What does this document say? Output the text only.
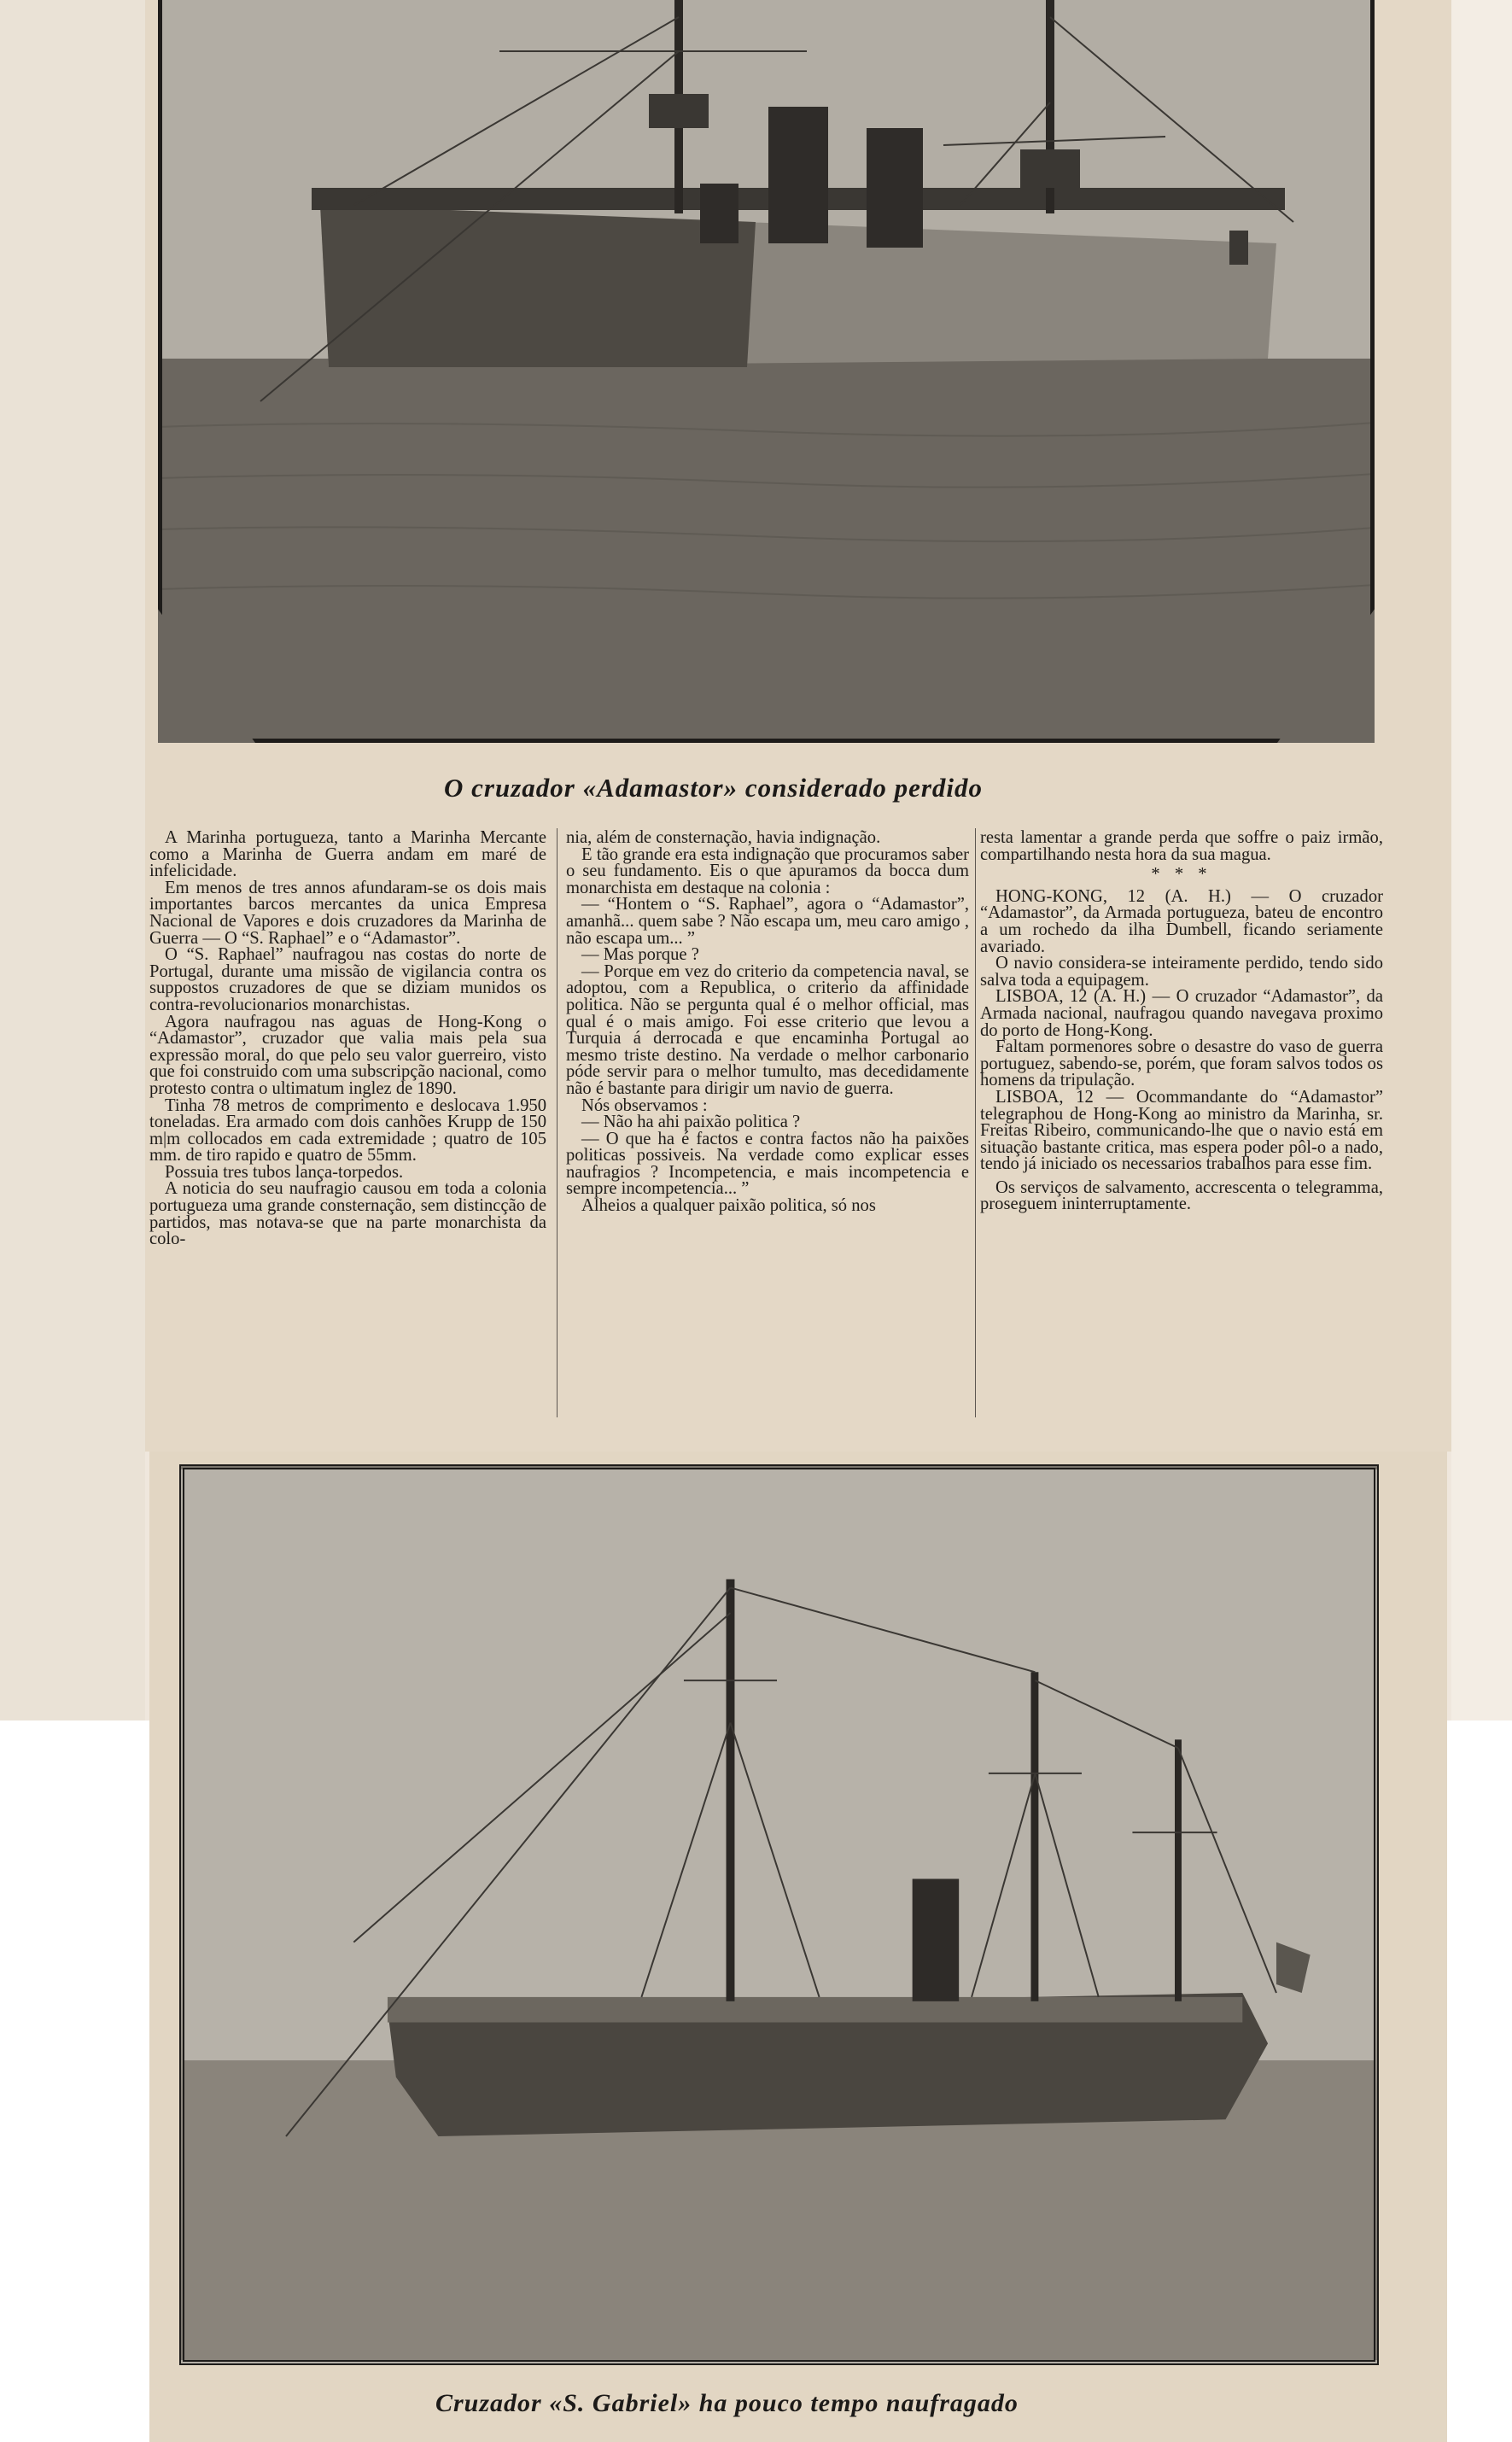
O cruzador «Adamastor» considerado perdido

A Marinha portugueza, tanto a Marinha Mercante como a Marinha de Guerra andam em maré de infelicidade.

Em menos de tres annos afundaram-se os dois mais importantes barcos mercantes da unica Empresa Nacional de Vapores e dois cruzadores da Marinha de Guerra — O “S. Raphael” e o “Adamastor”.

O “S. Raphael” naufragou nas costas do norte de Portugal, durante uma missão de vigilancia contra os suppostos cruzadores de que se diziam munidos os contra-revolucionarios monarchistas.

Agora naufragou nas aguas de Hong-Kong o “Adamastor”, cruzador que valia mais pela sua expressão moral, do que pelo seu valor guerreiro, visto que foi construido com uma subscripção nacional, como protesto contra o ultimatum inglez de 1890.

Tinha 78 metros de comprimento e deslocava 1.950 toneladas. Era armado com dois canhões Krupp de 150 m|m collocados em cada extremidade ; quatro de 105 mm. de tiro rapido e quatro de 55mm.

Possuia tres tubos lança-torpedos.

A noticia do seu naufragio causou em toda a colonia portugueza uma grande consternação, sem distincção de partidos, mas notava-se que na parte monarchista da colo-

nia, além de consternação, havia indignação.

E tão grande era esta indignação que procuramos saber o seu fundamento. Eis o que apuramos da bocca dum monarchista em destaque na colonia :

— “Hontem o “S. Raphael”, agora o “Adamastor”, amanhã... quem sabe ? Não escapa um, meu caro amigo , não escapa um... ”

— Mas porque ?

— Porque em vez do criterio da competencia naval, se adoptou, com a Republica, o criterio da affinidade politica. Não se pergunta qual é o melhor official, mas qual é o mais amigo. Foi esse criterio que levou a Turquia á derrocada e que encaminha Portugal ao mesmo triste destino. Na verdade o melhor carbonario póde servir para o melhor tumulto, mas decedidamente não é bastante para dirigir um navio de guerra.

Nós observamos :

— Não ha ahi paixão politica ?

— O que ha é factos e contra factos não ha paixões politicas possiveis. Na verdade como explicar esses naufragios ? Incompetencia, e mais incompetencia e sempre incompetencia... ”

Alheios a qualquer paixão politica, só nos

resta lamentar a grande perda que soffre o paiz irmão, compartilhando nesta hora da sua magua.

* * *

HONG-KONG, 12 (A. H.) — O cruzador “Adamastor”, da Armada portugueza, bateu de encontro a um rochedo da ilha Dumbell, ficando seriamente avariado.

O navio considera-se inteiramente perdido, tendo sido salva toda a equipagem.

LISBOA, 12 (A. H.) — O cruzador “Adamastor”, da Armada nacional, naufragou quando navegava proximo do porto de Hong-Kong.

Faltam pormenores sobre o desastre do vaso de guerra portuguez, sabendo-se, porém, que foram salvos todos os homens da tripulação.

LISBOA, 12 — Ocommandante do “Adamastor” telegraphou de Hong-Kong ao ministro da Marinha, sr. Freitas Ribeiro, communicando-lhe que o navio está em situação bastante critica, mas espera poder pôl-o a nado, tendo já iniciado os necessarios trabalhos para esse fim.

Os serviços de salvamento, accrescenta o telegramma, proseguem ininterruptamente.

Cruzador «S. Gabriel» ha pouco tempo naufragado
